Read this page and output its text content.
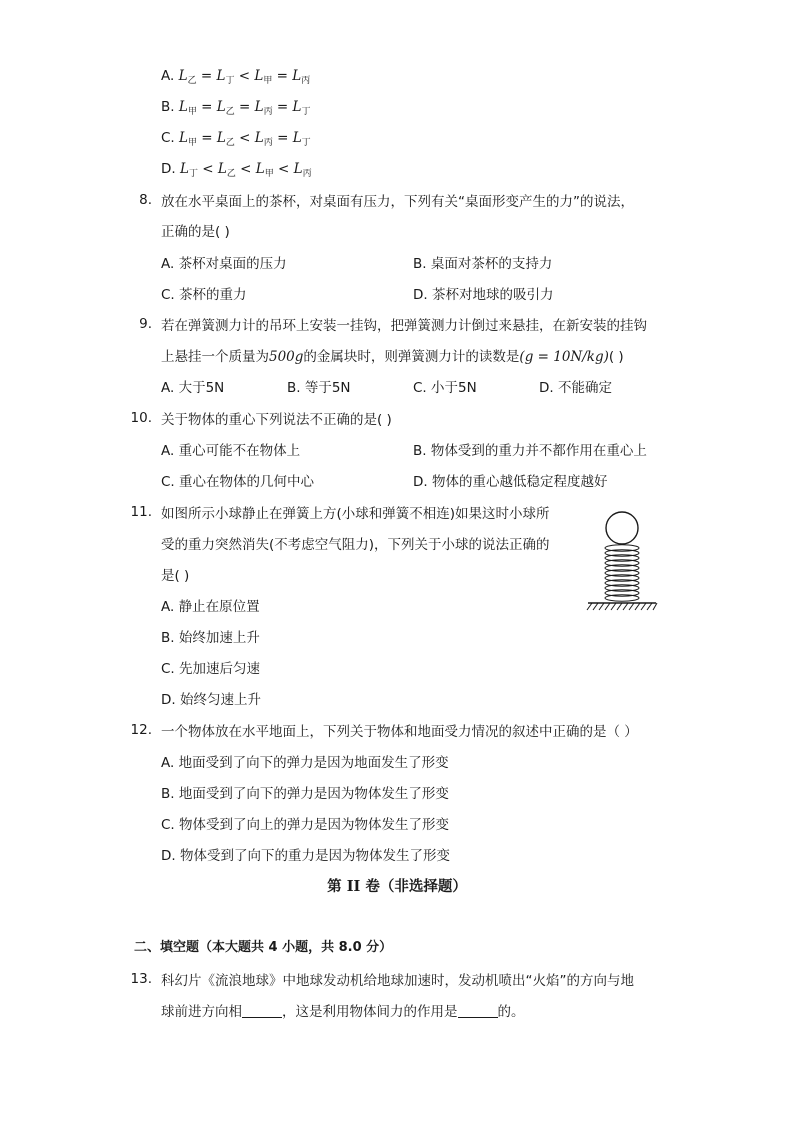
A. $L_乙 = L_丁 < L_甲 = L_丙$
B. $L_甲 = L_乙 = L_丙 = L_丁$
C. $L_甲 = L_乙 < L_丙 = L_丁$
D. $L_丁 < L_乙 < L_甲 < L_丙$
8. 放在水平桌面上的茶杯，对桌面有压力，下列有关“桌面形变产生的力”的说法，
正确的是( )
A. 茶杯对桌面的压力	B. 桌面对茶杯的支持力
C. 茶杯的重力	D. 茶杯对地球的吸引力
9. 若在弹簧测力计的吊环上安装一挂钩，把弹簧测力计倒过来悬挂，在新安装的挂钩
上悬挂一个质量为500g的金属块时，则弹簧测力计的读数是(g = 10N/kg)( )
A. 大于5N	B. 等于5N	C. 小于5N	D. 不能确定
10. 关于物体的重心下列说法不正确的是( )
A. 重心可能不在物体上	B. 物体受到的重力并不都作用在重心上
C. 重心在物体的几何中心	D. 物体的重心越低稳定程度越好
11. 如图所示小球静止在弹簧上方(小球和弹簧不相连)如果这时小球所
受的重力突然消失(不考虑空气阻力)，下列关于小球的说法正确的
是( )
A. 静止在原位置
B. 始终加速上升
C. 先加速后匀速
D. 始终匀速上升
12. 一个物体放在水平地面上，下列关于物体和地面受力情况的叙述中正确的是（ ）
A. 地面受到了向下的弹力是因为地面发生了形变
B. 地面受到了向下的弹力是因为物体发生了形变
C. 物体受到了向上的弹力是因为物体发生了形变
D. 物体受到了向下的重力是因为物体发生了形变
第 II 卷（非选择题）
二、填空题（本大题共 4 小题，共 8.0 分）
13. 科幻片《流浪地球》中地球发动机给地球加速时，发动机喷出“火焰”的方向与地
球前进方向相	，这是利用物体间力的作用是	的。
